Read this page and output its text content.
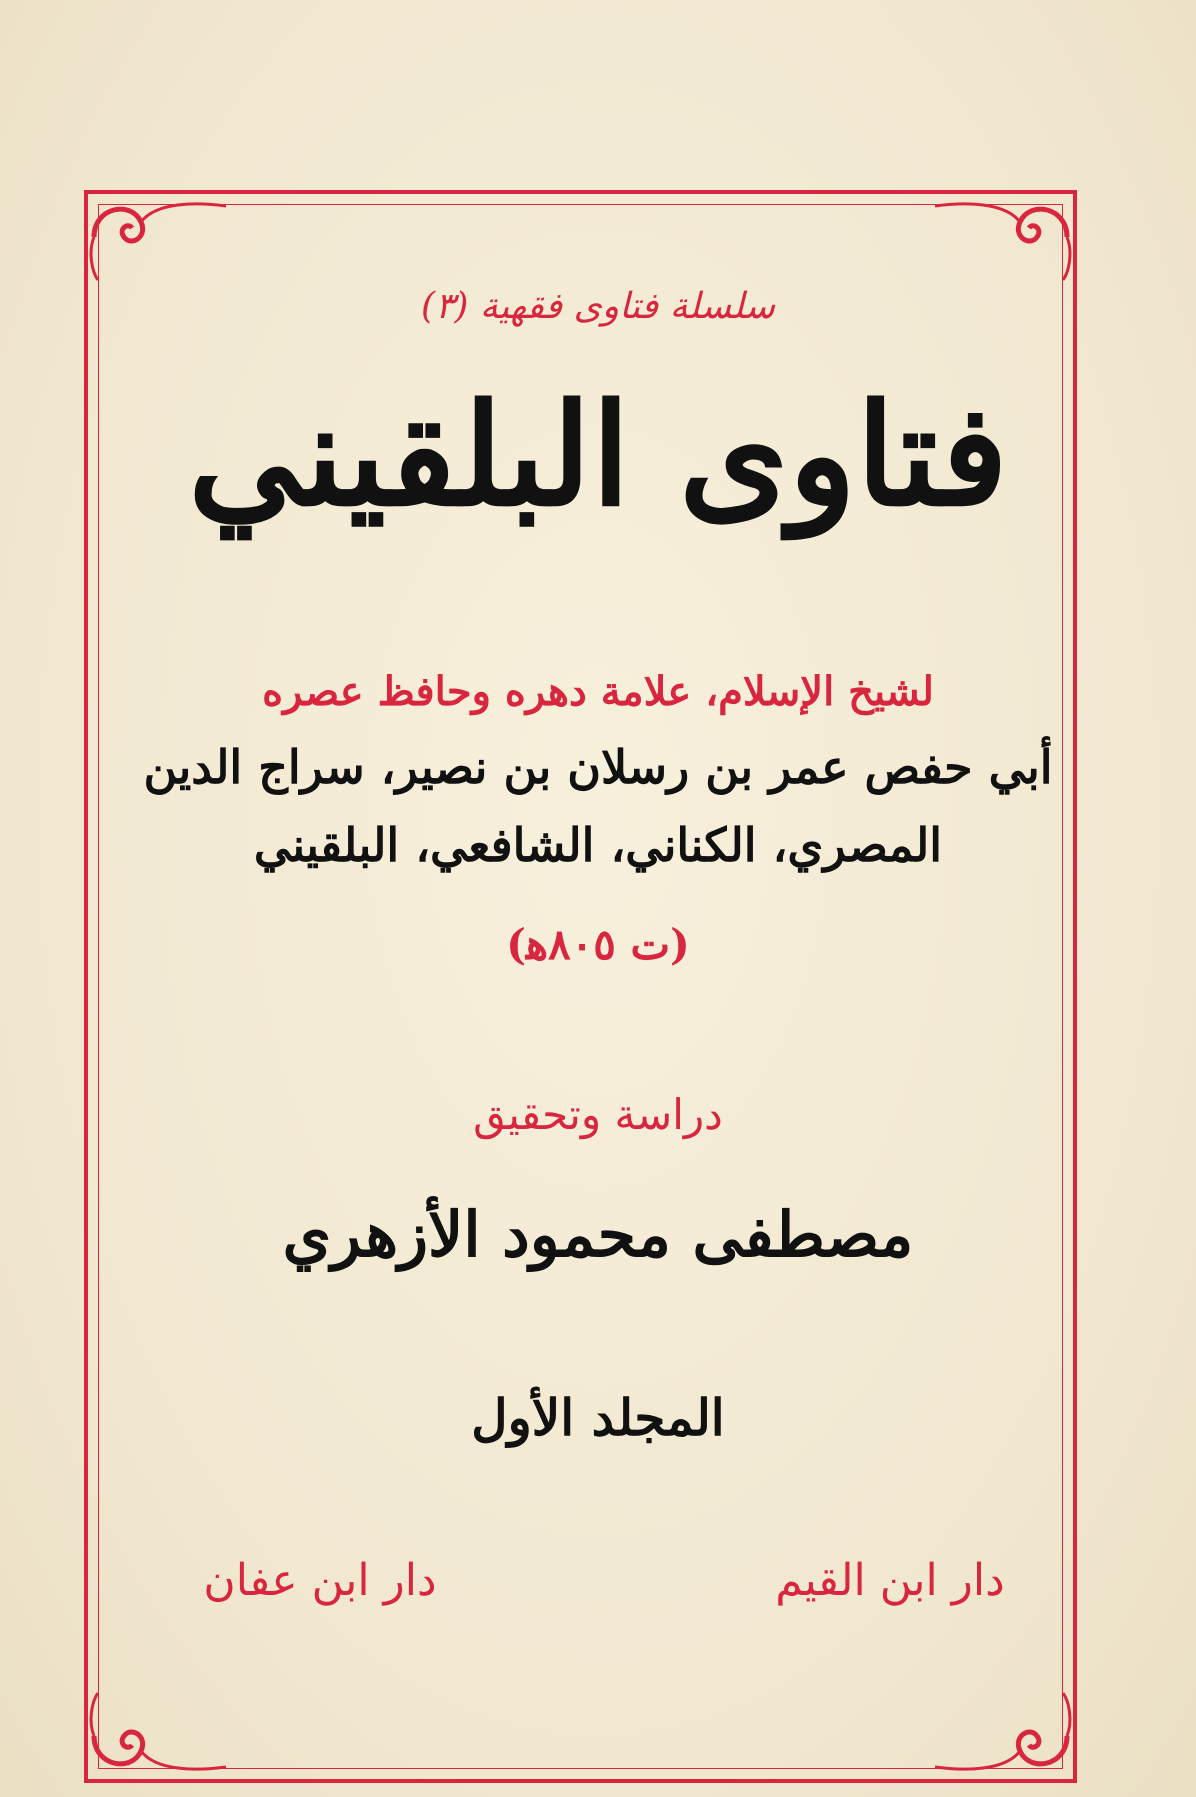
سلسلة فتاوى فقهية (٣)
فتاوى البلقيني
لشيخ الإسلام، علامة دهره وحافظ عصره
أبي حفص عمر بن رسلان بن نصير، سراج الدين
المصري، الكناني، الشافعي، البلقيني
(ت ٨٠٥ﻫ)
دراسة وتحقيق
مصطفى محمود الأزهري
المجلد الأول
دار ابن القيم
دار ابن عفان
